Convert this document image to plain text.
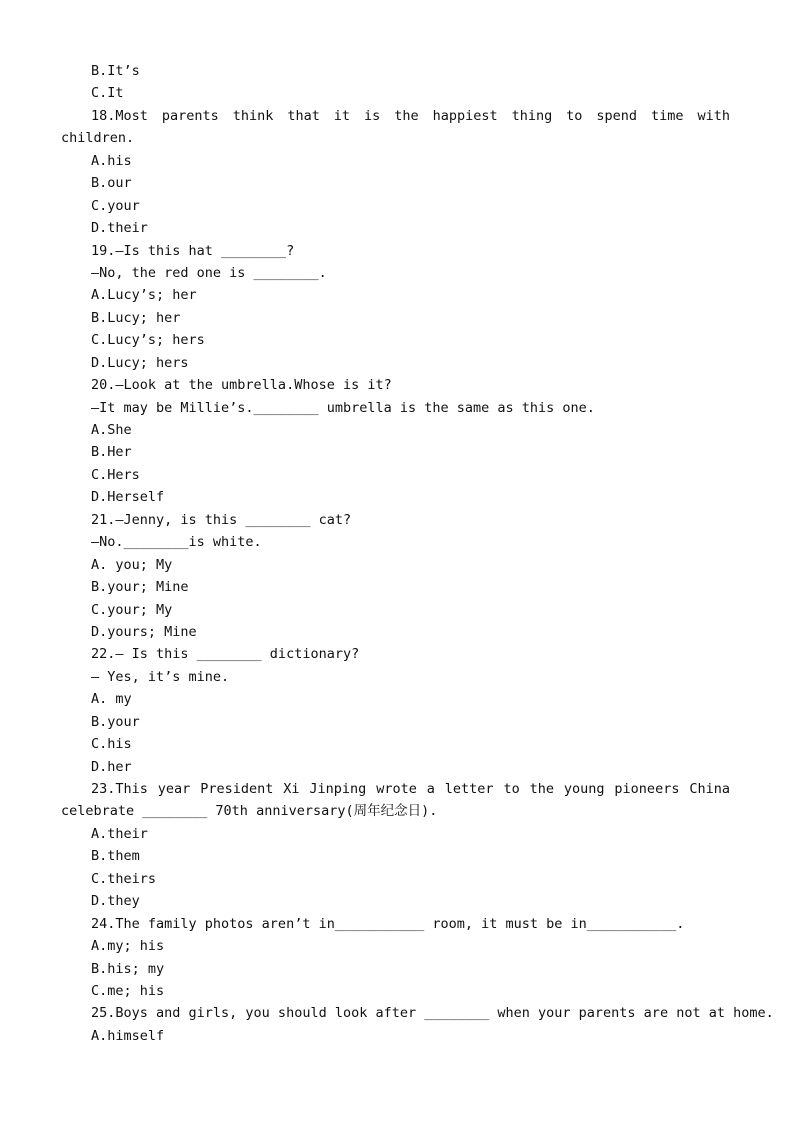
B.It’s
C.It
18.Most parents think that it is the happiest thing to spend time with
children.
A.his
B.our
C.your
D.their
19.—Is this hat ________?
—No, the red one is ________.
A.Lucy’s; her
B.Lucy; her
C.Lucy’s; hers
D.Lucy; hers
20.—Look at the umbrella.Whose is it?
—It may be Millie’s.________ umbrella is the same as this one.
A.She
B.Her
C.Hers
D.Herself
21.—Jenny, is this ________ cat?
—No.________is white.
A. you; My
B.your; Mine
C.your; My
D.yours; Mine
22.— Is this ________ dictionary?
— Yes, it’s mine.
A. my
B.your
C.his
D.her
23.This year President Xi Jinping wrote a letter to the young pioneers China
celebrate ________ 70th anniversary(周年纪念日).
A.their
B.them
C.theirs
D.they
24.The family photos aren’t in___________ room, it must be in___________.
A.my; his
B.his; my
C.me; his
25.Boys and girls, you should look after ________ when your parents are not at home.
A.himself
